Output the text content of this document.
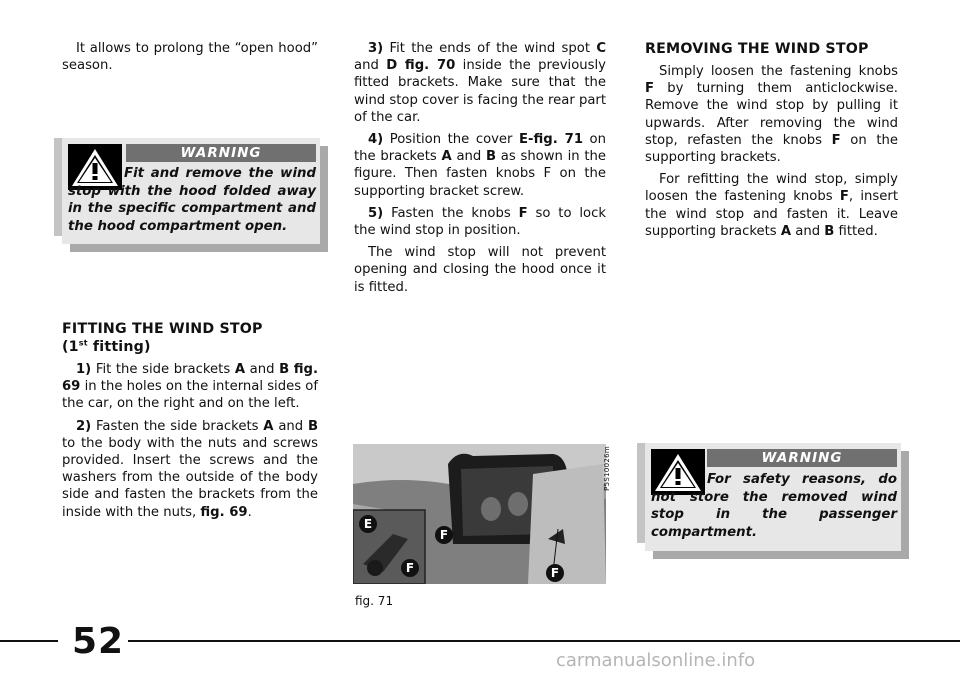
It allows to prolong the “open hood” season.

WARNING
Fit and remove the wind stop with the hood folded away in the specific compartment and the hood compartment open.
FITTING THE WIND STOP
(1st fitting)

1) Fit the side brackets A and B fig. 69 in the holes on the internal sides of the car, on the right and on the left.

2) Fasten the side brackets A and B to the body with the nuts and screws provided. Insert the screws and the washers from the outside of the body side and fasten the brackets from the inside with the nuts, fig. 69.

3) Fit the ends of the wind spot C and D fig. 70 inside the previously fitted brackets. Make sure that the wind stop cover is facing the rear part of the car.

4) Position the cover E-fig. 71 on the brackets A and B as shown in the figure. Then fasten knobs F on the supporting bracket screw.

5) Fasten the knobs F so to lock the wind stop in position.

The wind stop will not prevent opening and closing the hood once it is fitted.

E
F
F
F
P5S10026m
fig. 71
REMOVING THE WIND STOP

Simply loosen the fastening knobs F by turning them anticlockwise. Remove the wind stop by pulling it upwards. After removing the wind stop, refasten the knobs F on the supporting brackets.

For refitting the wind stop, simply loosen the fastening knobs F, insert the wind stop and fasten it. Leave supporting brackets A and B fitted.

WARNING
For safety reasons, do not store the removed wind stop in the passenger compartment.
52	carmanualsonline.info
